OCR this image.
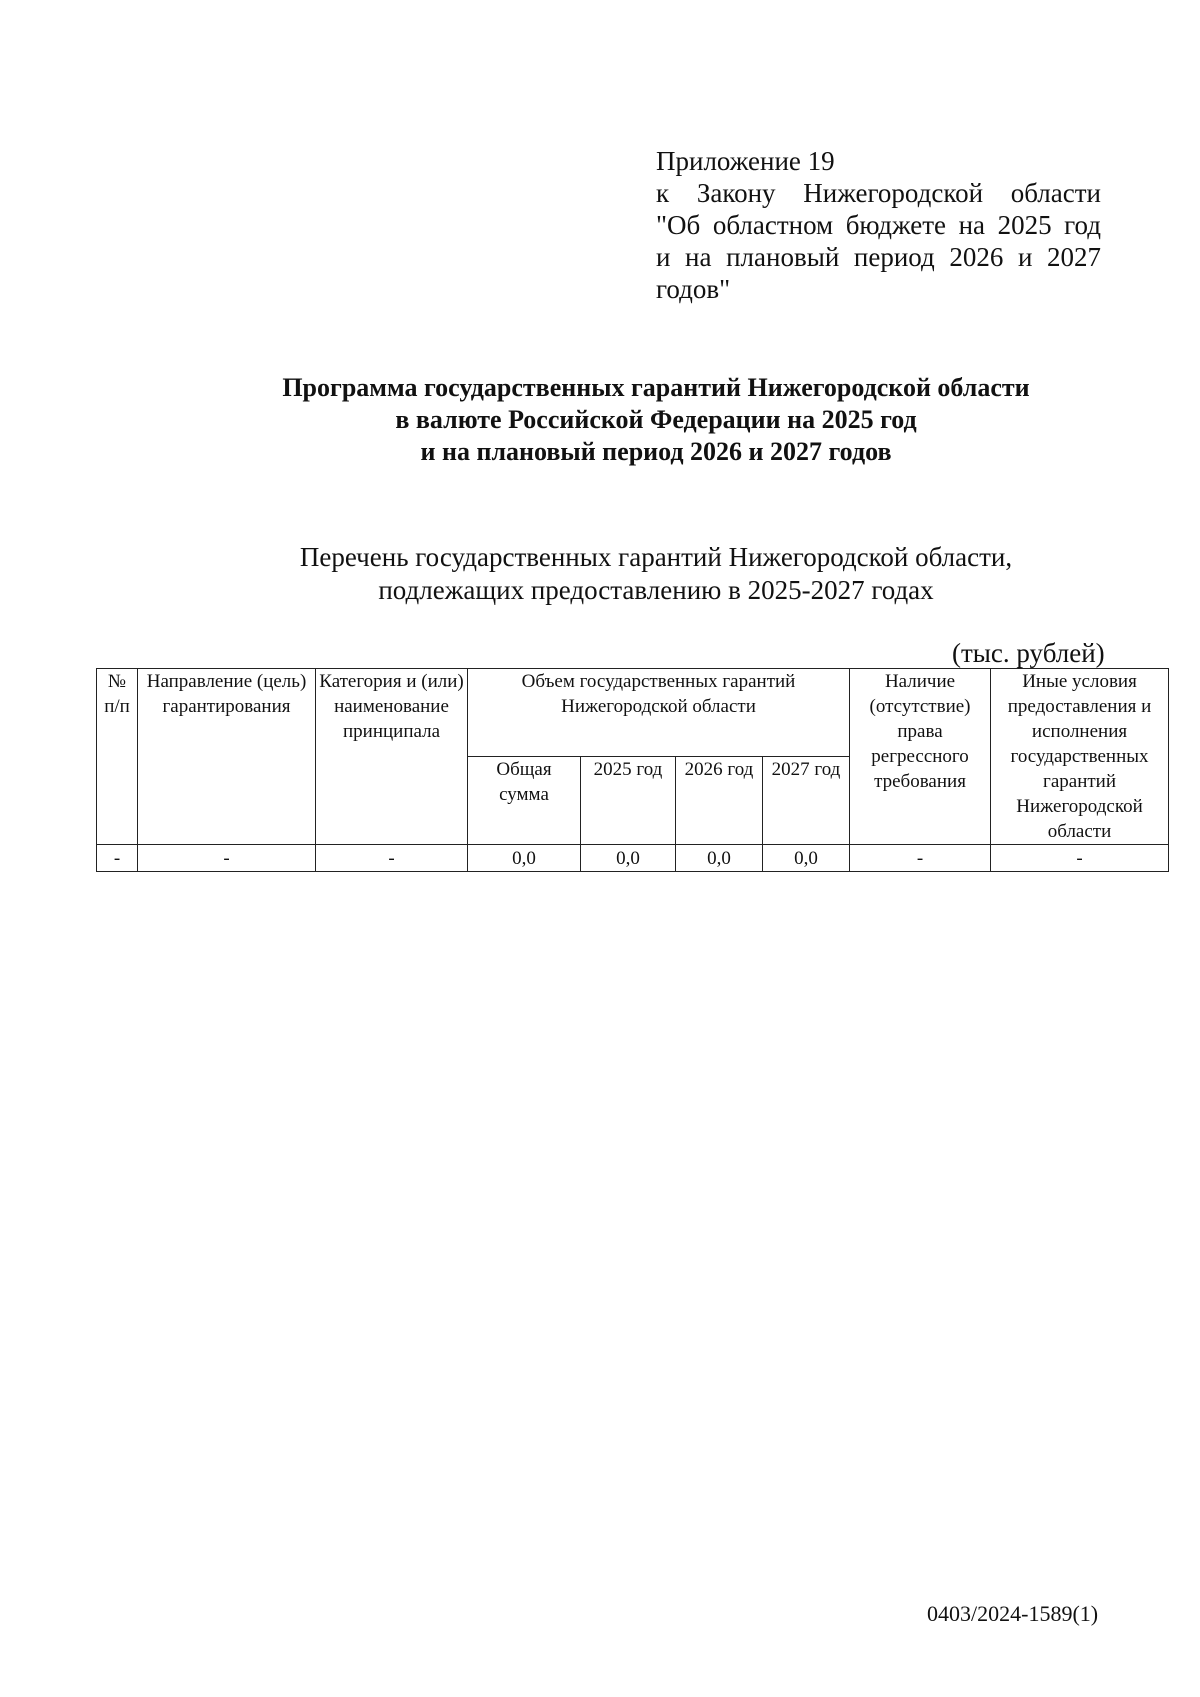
Приложение 19
к Закону Нижегородской области
"Об областном бюджете на 2025 год
и на плановый период 2026 и 2027
годов"
Программа государственных гарантий Нижегородской области
в валюте Российской Федерации на 2025 год
и на плановый период 2026 и 2027 годов
Перечень государственных гарантий Нижегородской области,
подлежащих предоставлению в 2025-2027 годах
(тыс. рублей)
№ п/п	Направление (цель) гарантирования	Категория и (или) наименование принципала	Объем государственных гарантий Нижегородской области				Наличие (отсутствие) права регрессного требования	Иные условия предоставления и исполнения государственных гарантий Нижегородской области
			Общая сумма	2025 год	2026 год	2027 год		
-	-	-	0,0	0,0	0,0	0,0	-	-
0403/2024-1589(1)
